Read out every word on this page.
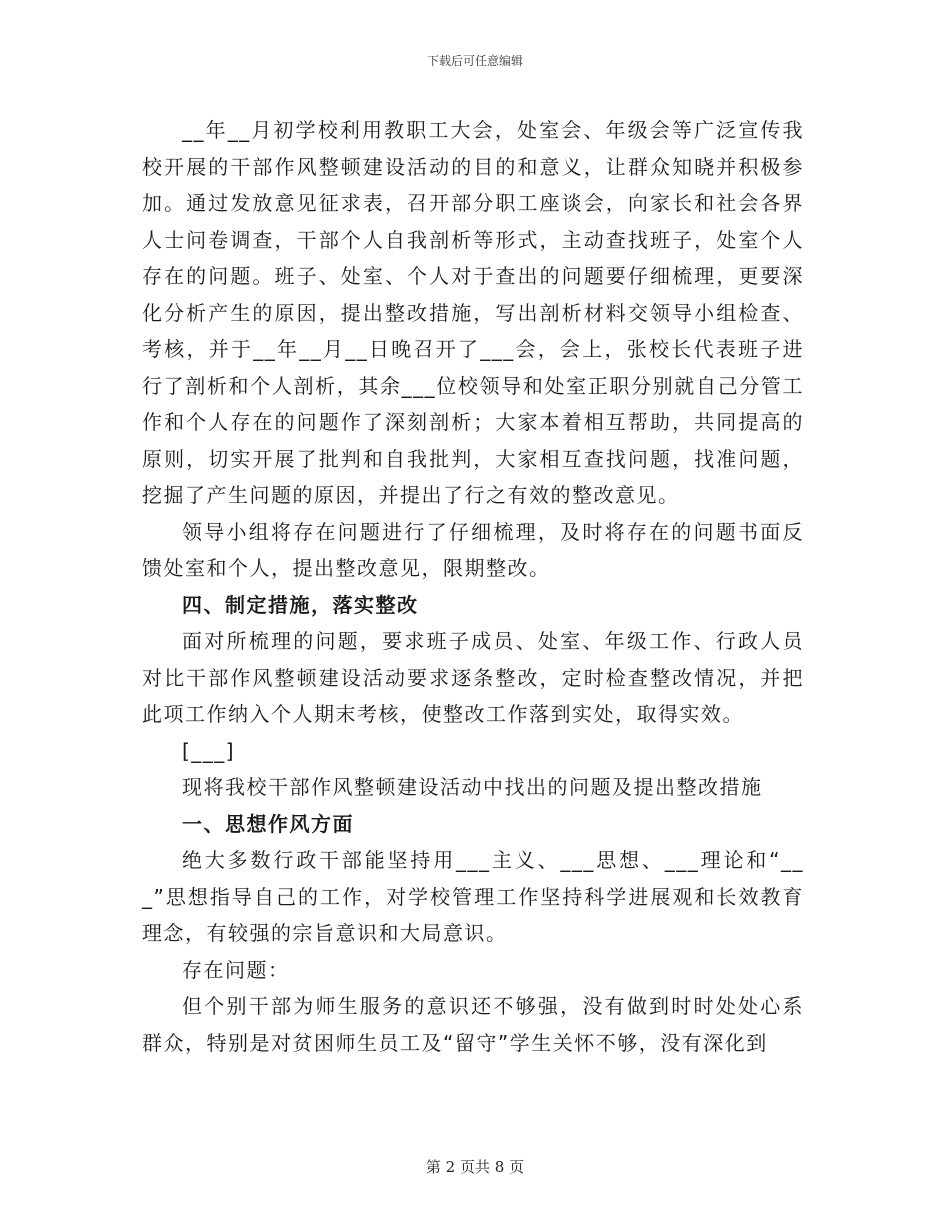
下载后可任意编辑

__年__月初学校利用教职工大会，处室会、年级会等广泛宣传我校开展的干部作风整顿建设活动的目的和意义，让群众知晓并积极参加。通过发放意见征求表，召开部分职工座谈会，向家长和社会各界人士问卷调查，干部个人自我剖析等形式，主动查找班子，处室个人存在的问题。班子、处室、个人对于查出的问题要仔细梳理，更要深化分析产生的原因，提出整改措施，写出剖析材料交领导小组检查、考核，并于__年__月__日晚召开了___会，会上，张校长代表班子进行了剖析和个人剖析，其余___位校领导和处室正职分别就自己分管工作和个人存在的问题作了深刻剖析；大家本着相互帮助，共同提高的原则，切实开展了批判和自我批判，大家相互查找问题，找准问题，挖掘了产生问题的原因，并提出了行之有效的整改意见。

领导小组将存在问题进行了仔细梳理，及时将存在的问题书面反馈处室和个人，提出整改意见，限期整改。

四、制定措施，落实整改

面对所梳理的问题，要求班子成员、处室、年级工作、行政人员对比干部作风整顿建设活动要求逐条整改，定时检查整改情况，并把此项工作纳入个人期末考核，使整改工作落到实处，取得实效。

[___]

现将我校干部作风整顿建设活动中找出的问题及提出整改措施

一、思想作风方面

绝大多数行政干部能坚持用___主义、___思想、___理论和“___”思想指导自己的工作，对学校管理工作坚持科学进展观和长效教育理念，有较强的宗旨意识和大局意识。

存在问题：

但个别干部为师生服务的意识还不够强，没有做到时时处处心系群众，特别是对贫困师生员工及“留守”学生关怀不够，没有深化到

第 2 页共 8 页
